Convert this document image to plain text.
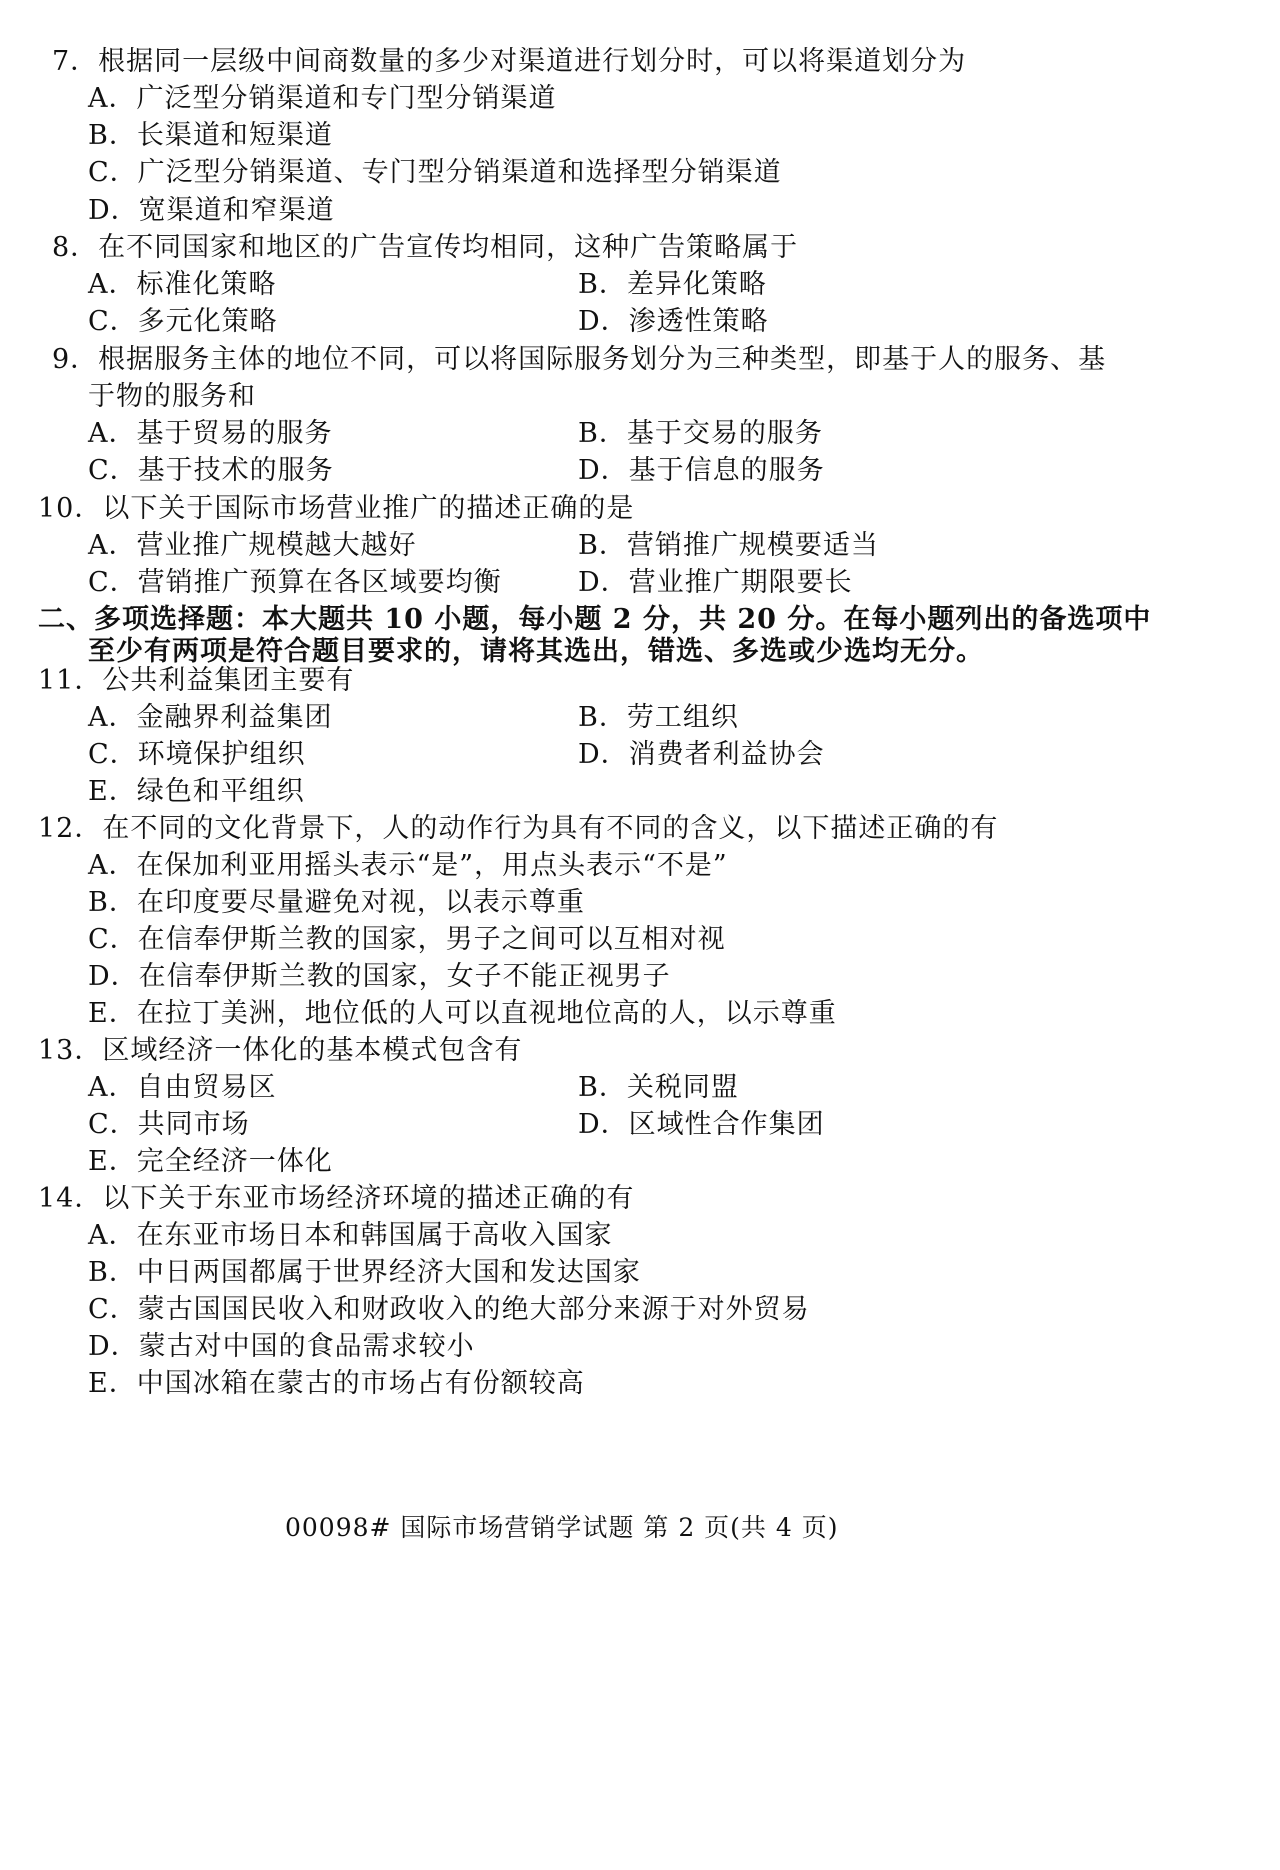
7．根据同一层级中间商数量的多少对渠道进行划分时，可以将渠道划分为
A．广泛型分销渠道和专门型分销渠道
B．长渠道和短渠道
C．广泛型分销渠道、专门型分销渠道和选择型分销渠道
D．宽渠道和窄渠道
8．在不同国家和地区的广告宣传均相同，这种广告策略属于
A．标准化策略	B．差异化策略
C．多元化策略	D．渗透性策略
9．根据服务主体的地位不同，可以将国际服务划分为三种类型，即基于人的服务、基
于物的服务和
A．基于贸易的服务	B．基于交易的服务
C．基于技术的服务	D．基于信息的服务
10．以下关于国际市场营业推广的描述正确的是
A．营业推广规模越大越好	B．营销推广规模要适当
C．营销推广预算在各区域要均衡	D．营业推广期限要长
二、多项选择题：本大题共 10 小题，每小题 2 分，共 20 分。在每小题列出的备选项中
至少有两项是符合题目要求的，请将其选出，错选、多选或少选均无分。
11．公共利益集团主要有
A．金融界利益集团	B．劳工组织
C．环境保护组织	D．消费者利益协会
E．绿色和平组织
12．在不同的文化背景下，人的动作行为具有不同的含义，以下描述正确的有
A．在保加利亚用摇头表示“是”，用点头表示“不是”
B．在印度要尽量避免对视，以表示尊重
C．在信奉伊斯兰教的国家，男子之间可以互相对视
D．在信奉伊斯兰教的国家，女子不能正视男子
E．在拉丁美洲，地位低的人可以直视地位高的人，以示尊重
13．区域经济一体化的基本模式包含有
A．自由贸易区	B．关税同盟
C．共同市场	D．区域性合作集团
E．完全经济一体化
14．以下关于东亚市场经济环境的描述正确的有
A．在东亚市场日本和韩国属于高收入国家
B．中日两国都属于世界经济大国和发达国家
C．蒙古国国民收入和财政收入的绝大部分来源于对外贸易
D．蒙古对中国的食品需求较小
E．中国冰箱在蒙古的市场占有份额较高
00098# 国际市场营销学试题 第 2 页(共 4 页)
